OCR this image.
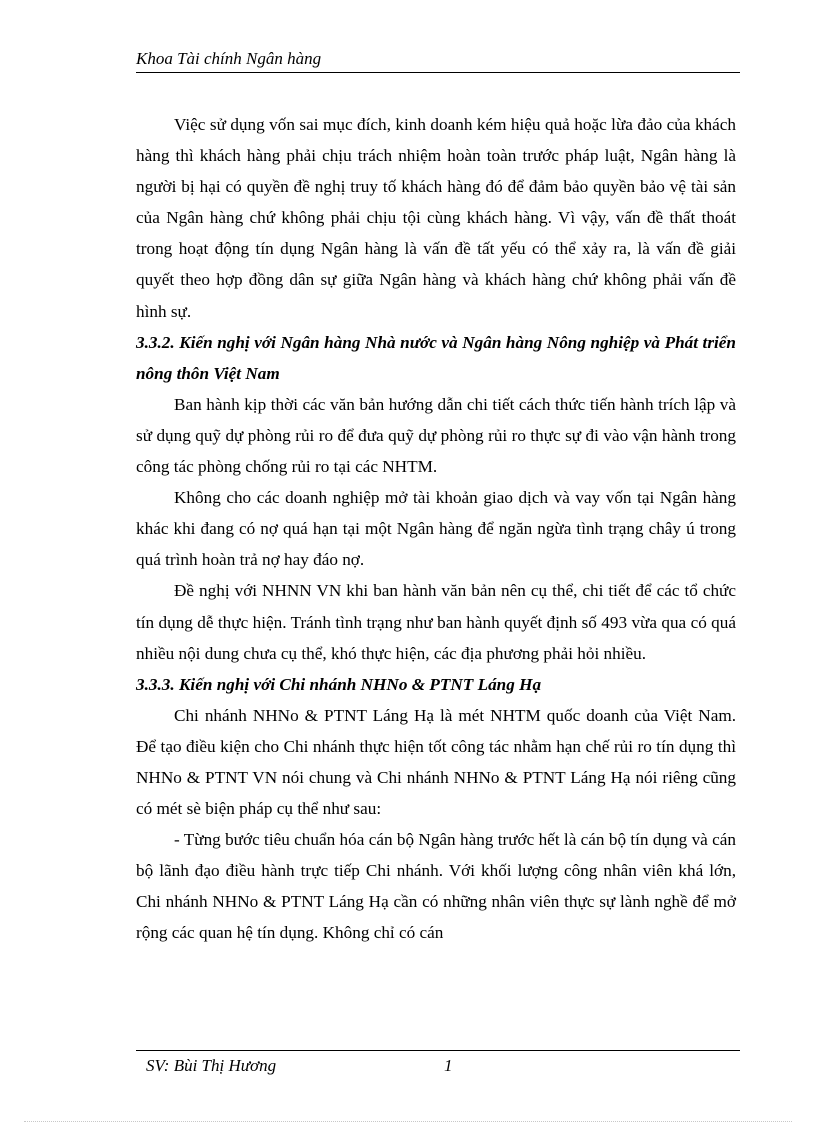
Khoa Tài chính Ngân hàng

Việc sử dụng vốn sai mục đích, kinh doanh kém hiệu quả hoặc lừa đảo của khách hàng thì khách hàng phải chịu trách nhiệm hoàn toàn trước pháp luật, Ngân hàng là người bị hại có quyền đề nghị truy tố khách hàng đó để đảm bảo quyền bảo vệ tài sản của Ngân hàng chứ không phải chịu tội cùng khách hàng. Vì vậy, vấn đề thất thoát trong hoạt động tín dụng Ngân hàng là vấn đề tất yếu có thể xảy ra, là vấn đề giải quyết theo hợp đồng dân sự giữa Ngân hàng và khách hàng chứ không phải vấn đề hình sự.

3.3.2. Kiến nghị với Ngân hàng Nhà nước và Ngân hàng Nông nghiệp và Phát triển nông thôn Việt Nam

Ban hành kịp thời các văn bản hướng dẫn chi tiết cách thức tiến hành trích lập và sử dụng quỹ dự phòng rủi ro để đưa quỹ dự phòng rủi ro thực sự đi vào vận hành trong công tác phòng chống rủi ro tại các NHTM.

Không cho các doanh nghiệp mở tài khoản giao dịch và vay vốn tại Ngân hàng khác khi đang có nợ quá hạn tại một Ngân hàng để ngăn ngừa tình trạng chây ú trong quá trình hoàn trả nợ hay đáo nợ.

Đề nghị với NHNN VN khi ban hành văn bản nên cụ thể, chi tiết để các tổ chức tín dụng dễ thực hiện. Tránh tình trạng như ban hành quyết định số 493 vừa qua có quá nhiều nội dung chưa cụ thể, khó thực hiện, các địa phương phải hỏi nhiều.

3.3.3. Kiến nghị với Chi nhánh NHNo & PTNT Láng Hạ

Chi nhánh NHNo & PTNT Láng Hạ là mét NHTM quốc doanh của Việt Nam. Để tạo điều kiện cho Chi nhánh thực hiện tốt công tác nhằm hạn chế rủi ro tín dụng thì NHNo & PTNT VN nói chung và Chi nhánh NHNo & PTNT Láng Hạ nói riêng cũng có mét sè biện pháp cụ thể như sau:

- Từng bước tiêu chuẩn hóa cán bộ Ngân hàng trước hết là cán bộ tín dụng và cán bộ lãnh đạo điều hành trực tiếp Chi nhánh. Với khối lượng công nhân viên khá lớn, Chi nhánh NHNo & PTNT Láng Hạ cần có những nhân viên thực sự lành nghề để mở rộng các quan hệ tín dụng. Không chỉ có cán

SV: Bùi Thị Hương	1
